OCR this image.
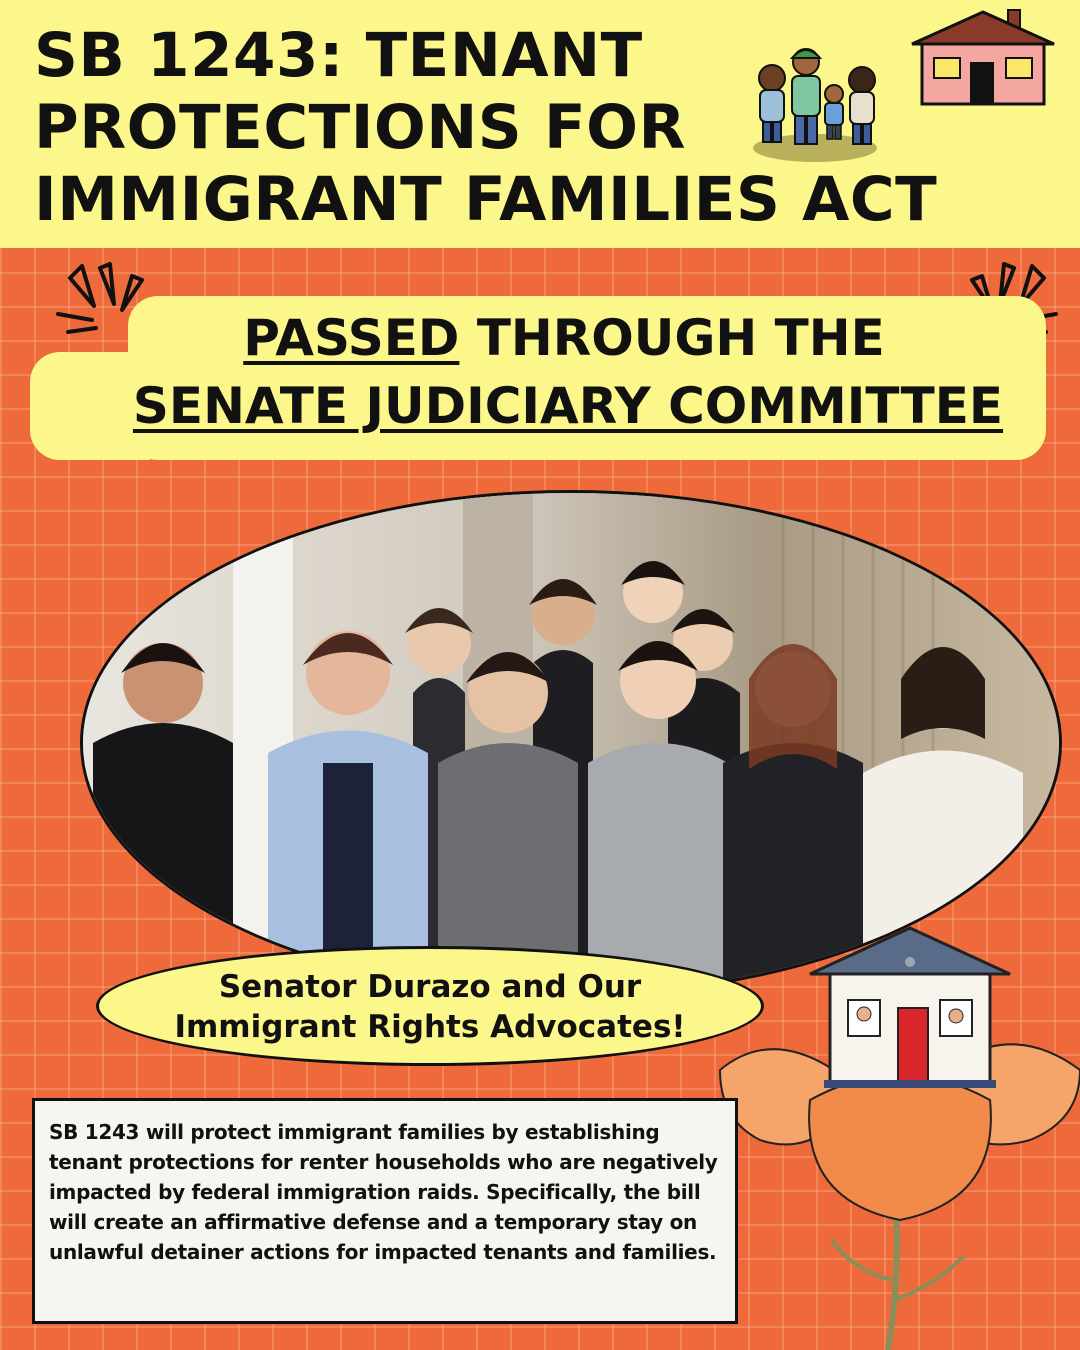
SB 1243: TENANT
PROTECTIONS FOR
IMMIGRANT FAMILIES ACT
PASSED THROUGH THE
SENATE JUDICIARY COMMITTEE
Senator Durazo and Our
Immigrant Rights Advocates!

SB 1243 will protect immigrant families by establishing tenant protections for renter households who are negatively impacted by federal immigration raids. Specifically, the bill will create an affirmative defense and a temporary stay on unlawful detainer actions for impacted tenants and families.
